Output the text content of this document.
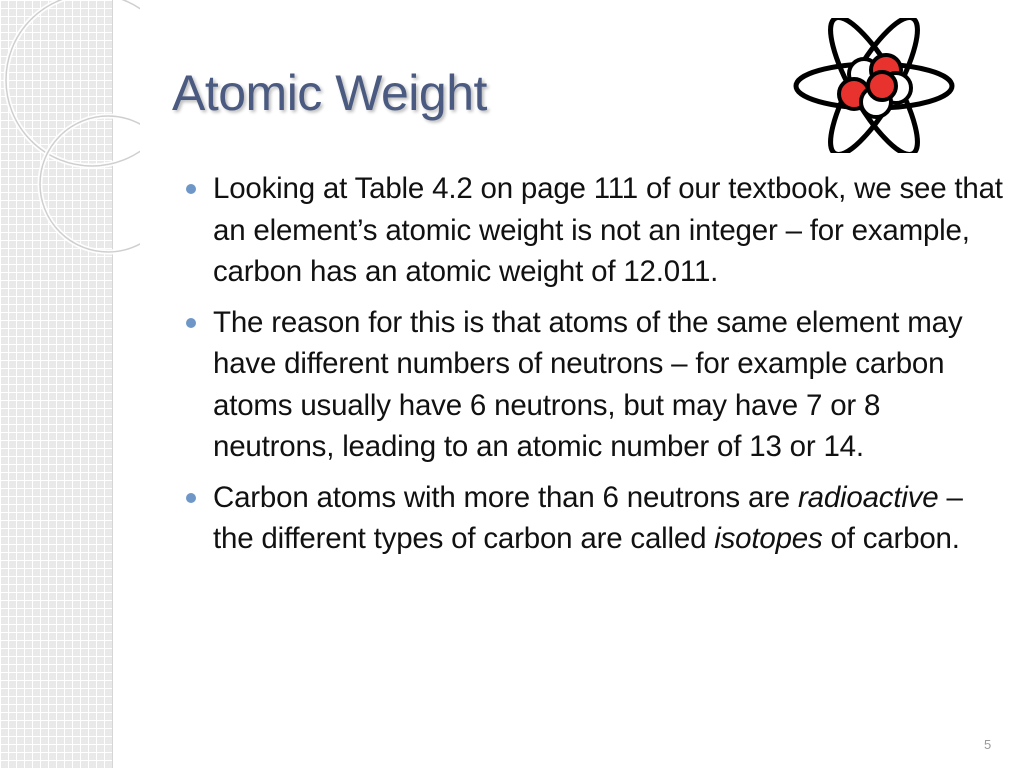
Atomic Weight
Looking at Table 4.2 on page 111 of our textbook, we see that an element’s atomic weight is not an integer – for example, carbon has an atomic weight of 12.011.
The reason for this is that atoms of the same element may have different numbers of neutrons – for example carbon atoms usually have 6 neutrons, but may have 7 or 8 neutrons, leading to an atomic number of 13 or 14.
Carbon atoms with more than 6 neutrons are radioactive – the different types of carbon are called isotopes of carbon.
5
